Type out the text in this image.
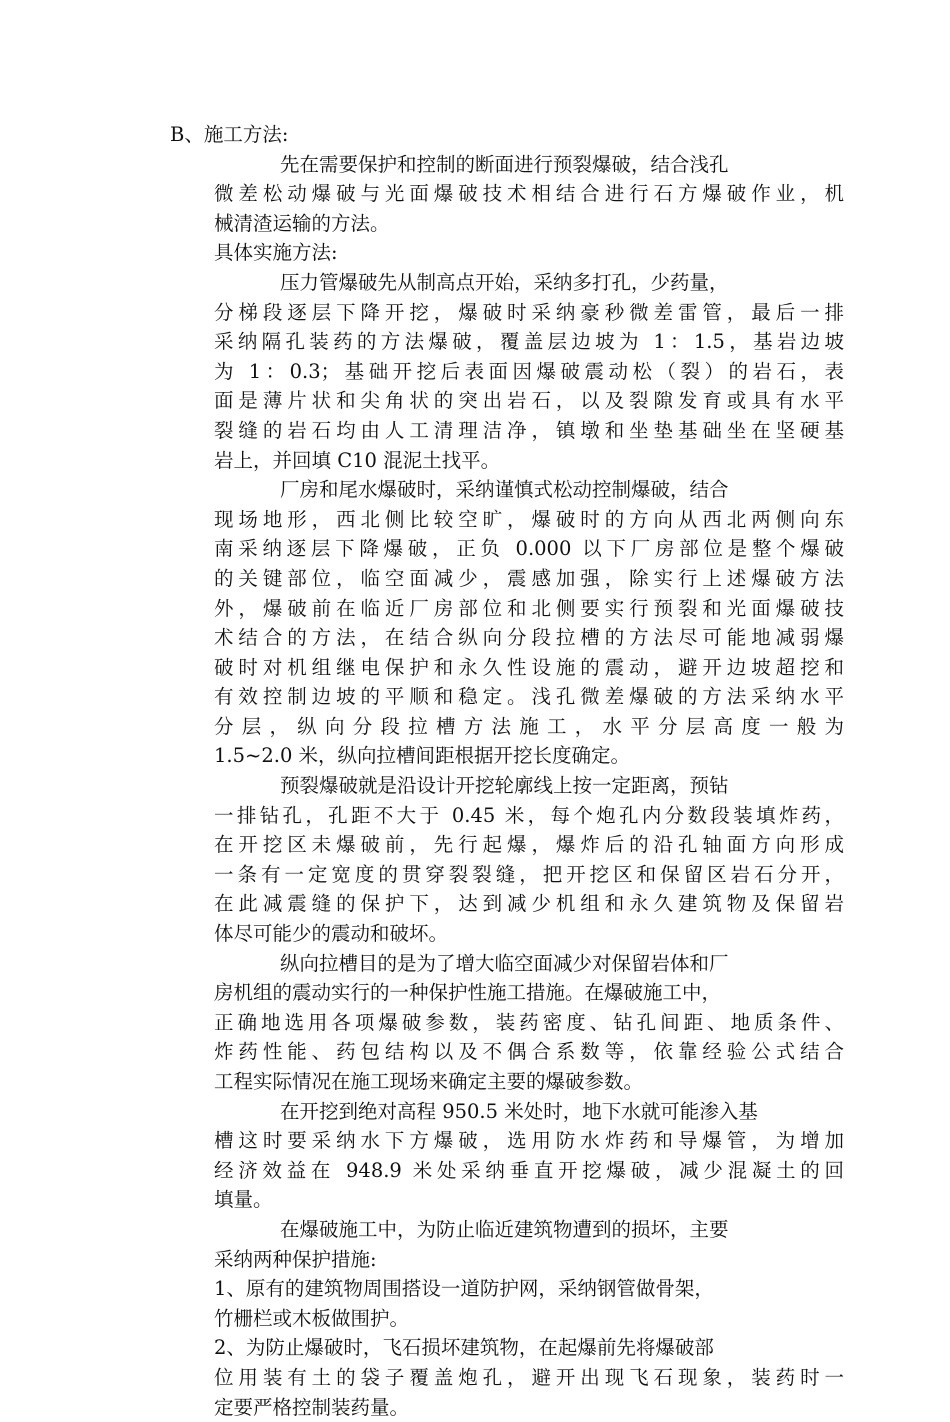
B、施工方法:
先在需要保护和控制的断面进行预裂爆破，结合浅孔
微差松动爆破与光面爆破技术相结合进行石方爆破作业，机
械清渣运输的方法。
具体实施方法:
压力管爆破先从制高点开始，采纳多打孔，少药量，
分梯段逐层下降开挖，爆破时采纳豪秒微差雷管，最后一排
采纳隔孔装药的方法爆破，覆盖层边坡为 1：1.5，基岩边坡
为 1：0.3；基础开挖后表面因爆破震动松（裂）的岩石，表
面是薄片状和尖角状的突出岩石，以及裂隙发育或具有水平
裂缝的岩石均由人工清理洁净，镇墩和坐垫基础坐在坚硬基
岩上，并回填 C10 混泥土找平。
厂房和尾水爆破时，采纳谨慎式松动控制爆破，结合
现场地形，西北侧比较空旷，爆破时的方向从西北两侧向东
南采纳逐层下降爆破，正负 0.000 以下厂房部位是整个爆破
的关键部位，临空面减少，震感加强，除实行上述爆破方法
外，爆破前在临近厂房部位和北侧要实行预裂和光面爆破技
术结合的方法，在结合纵向分段拉槽的方法尽可能地减弱爆
破时对机组继电保护和永久性设施的震动，避开边坡超挖和
有效控制边坡的平顺和稳定。浅孔微差爆破的方法采纳水平
分层，纵向分段拉槽方法施工，水平分层高度一般为
1.5~2.0 米，纵向拉槽间距根据开挖长度确定。
预裂爆破就是沿设计开挖轮廓线上按一定距离，预钻
一排钻孔，孔距不大于 0.45 米，每个炮孔内分数段装填炸药，
在开挖区未爆破前，先行起爆，爆炸后的沿孔轴面方向形成
一条有一定宽度的贯穿裂裂缝，把开挖区和保留区岩石分开，
在此减震缝的保护下，达到减少机组和永久建筑物及保留岩
体尽可能少的震动和破坏。
纵向拉槽目的是为了增大临空面减少对保留岩体和厂
房机组的震动实行的一种保护性施工措施。在爆破施工中，
正确地选用各项爆破参数，装药密度、钻孔间距、地质条件、
炸药性能、药包结构以及不偶合系数等，依靠经验公式结合
工程实际情况在施工现场来确定主要的爆破参数。
在开挖到绝对高程 950.5 米处时，地下水就可能渗入基
槽这时要采纳水下方爆破，选用防水炸药和导爆管，为增加
经济效益在 948.9 米处采纳垂直开挖爆破，减少混凝土的回
填量。
在爆破施工中，为防止临近建筑物遭到的损坏，主要
采纳两种保护措施:
1、原有的建筑物周围搭设一道防护网，采纳钢管做骨架，
竹栅栏或木板做围护。
2、为防止爆破时，飞石损坏建筑物，在起爆前先将爆破部
位用装有土的袋子覆盖炮孔，避开出现飞石现象，装药时一
定要严格控制装药量。
